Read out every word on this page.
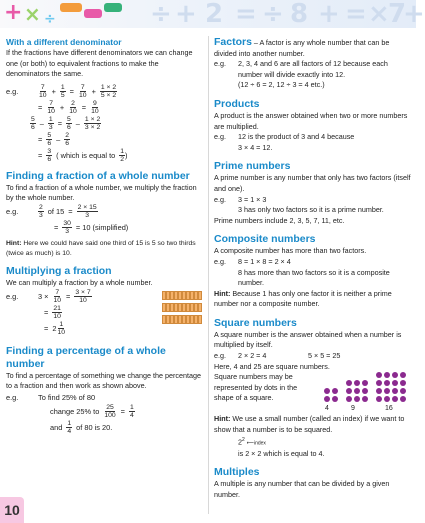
÷ + 2 = ÷ 8 + = ×
7
+
+ × ÷
With a different denominator

If the fractions have different denominators we can change one (or both) to equivalent fractions to make the denominators the same.

e.g.	$\frac{7}{10} + \frac{1}{5} = \frac{7}{10} + \frac{1 \times 2}{5 \times 2}$
= $\frac{7}{10} + \frac{2}{10} = \frac{9}{10}$
$\frac{5}{6} - \frac{1}{3} = \frac{5}{6} - \frac{1 \times 2}{3 \times 2}$
= $\frac{5}{6} - \frac{2}{6}$
= $\frac{3}{6}$ ( which is equal to $\frac{1}{2}$ )
Finding a fraction of a whole number

To find a fraction of a whole number, we multiply the fraction by the whole number.

e.g.	$\frac{2}{3}$ of $15 = \frac{2 \times 15}{3}$
= $\frac{30}{3} = 10$ (simplified)

Hint: Here we could have said one third of 15 is 5 so two thirds (twice as much) is 10.

Multiplying a fraction

We can multiply a fraction by a whole number.

e.g.	$3 \times \frac{7}{10} = \frac{3 \times 7}{10}$
= $\frac{21}{10}$
= $2 \frac{1}{10}$
Finding a percentage of a whole number

To find a percentage of something we change the percentage to a fraction and then work as shown above.

e.g.	To find 25% of 80
change 25% to $\frac{25}{100} = \frac{1}{4}$
and $\frac{1}{4}$ of 80 is 20.

Factors – A factor is any whole number that can be divided into another number.

e.g.	2, 3, 4 and 6 are all factors of 12 because each number will divide exactly into 12.
(12 ÷ 6 = 2, 12 ÷ 3 = 4 etc.)
Products

A product is the answer obtained when two or more numbers are multiplied.

e.g.	12 is the product of 3 and 4 because
3 × 4 = 12.
Prime numbers

A prime number is any number that only has two factors (itself and one).

e.g.	3 = 1 × 3
3 has only two factors so it is a prime number.

Prime numbers include 2, 3, 5, 7, 11, etc.

Composite numbers

A composite number has more than two factors.

e.g.	8 = 1 × 8 = 2 × 4
8 has more than two factors so it is a composite number.

Hint: Because 1 has only one factor it is neither a prime number nor a composite number.

Square numbers

A square number is the answer obtained when a number is multiplied by itself.

e.g.	2 × 2 = 4	5 × 5 = 25

Here, 4 and 25 are square numbers.

Square numbers may be represented by dots in the shape of a square.

4	9	16

Hint: We use a small number (called an index) if we want to show that a number is to be squared.

$2^2$ ⟵index
is 2 × 2 which is equal to 4.
Multiples

A multiple is any number that can be divided by a given number.

10
